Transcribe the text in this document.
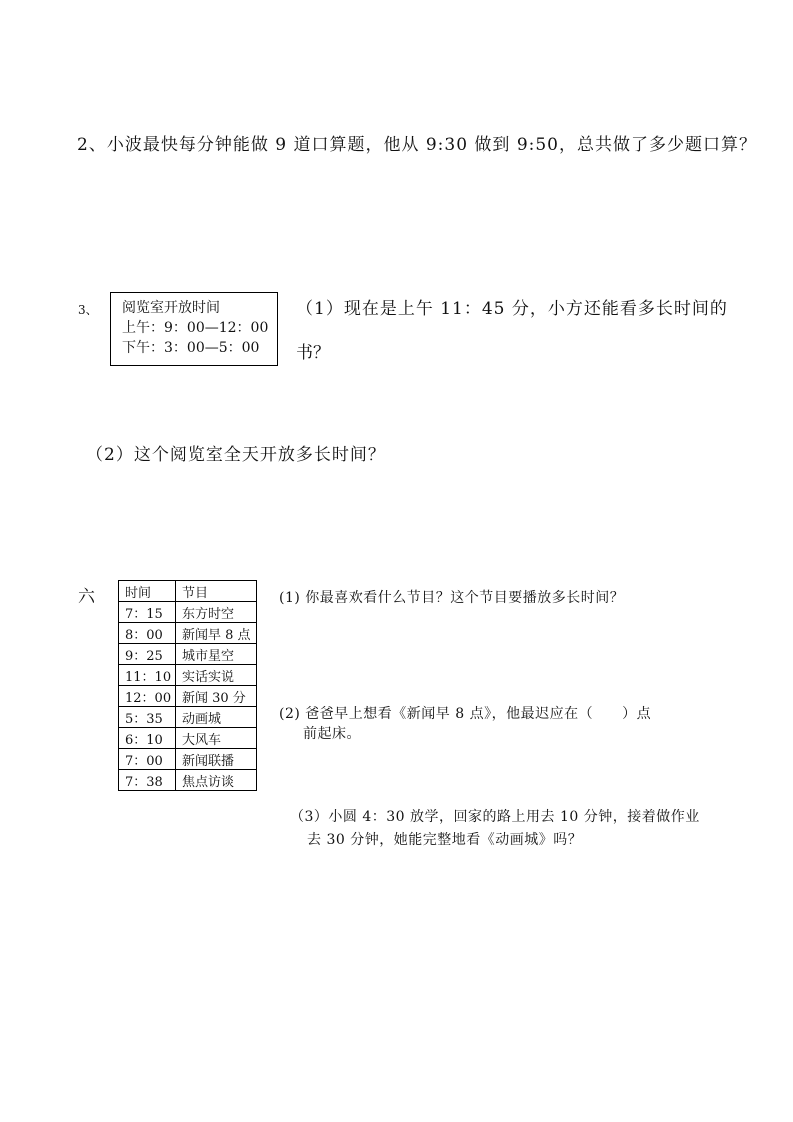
2、小波最快每分钟能做 9 道口算题，他从 9:30 做到 9:50，总共做了多少题口算？
3、 阅览室开放时间
上午：9：00—12：00
下午：3：00—5：00
（1）现在是上午 11：45 分，小方还能看多长时间的
书？
（2）这个阅览室全天开放多长时间？
六 时间	节目
7：15	东方时空
8：00	新闻早 8 点
9：25	城市星空
11：10	实话实说
12：00	新闻 30 分
5：35	动画城
6：10	大风车
7：00	新闻联播
7：38	焦点访谈
(1) 你最喜欢看什么节目？这个节目要播放多长时间？
(2) 爸爸早上想看《新闻早 8 点》，他最迟应在（　　）点
前起床。
（3）小圆 4：30 放学，回家的路上用去 10 分钟，接着做作业
去 30 分钟，她能完整地看《动画城》吗？
